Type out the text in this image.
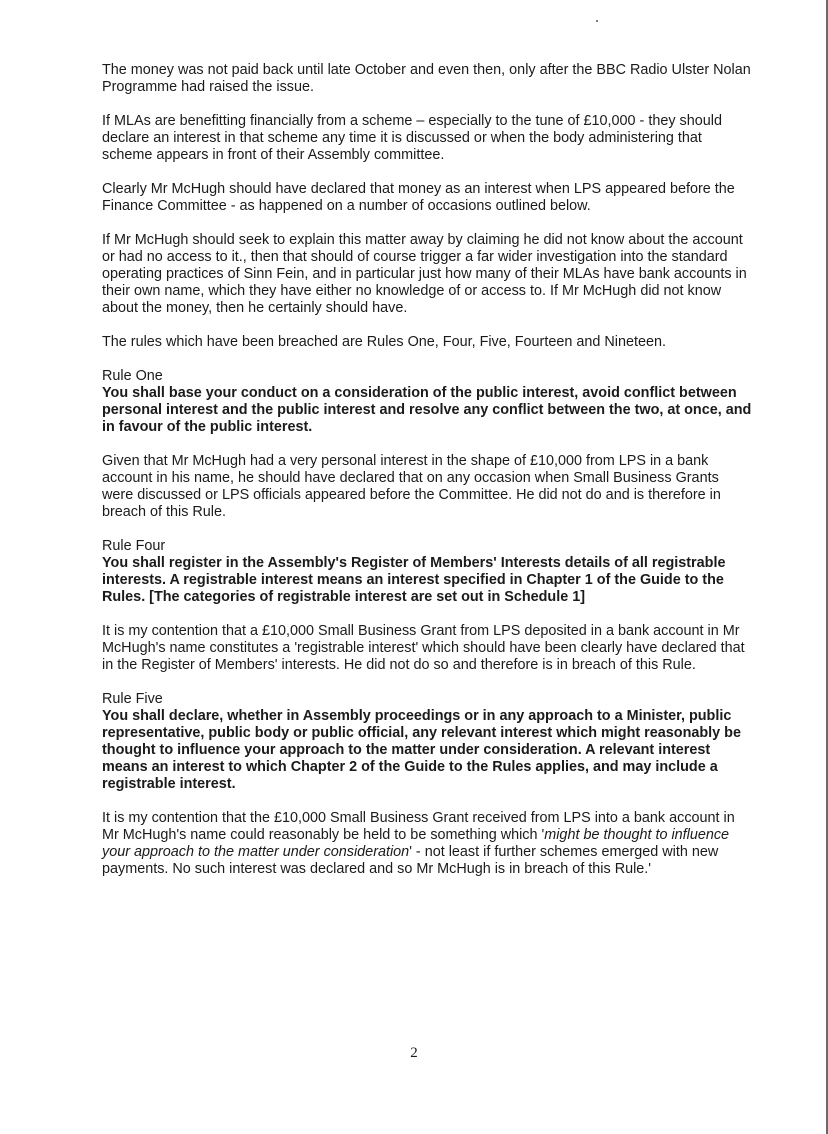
The money was not paid back until late October and even then, only after the BBC Radio Ulster Nolan Programme had raised the issue.

If MLAs are benefitting financially from a scheme – especially to the tune of £10,000 - they should declare an interest in that scheme any time it is discussed or when the body administering that scheme appears in front of their Assembly committee.

Clearly Mr McHugh should have declared that money as an interest when LPS appeared before the Finance Committee - as happened on a number of occasions outlined below.

If Mr McHugh should seek to explain this matter away by claiming he did not know about the account or had no access to it., then that should of course trigger a far wider investigation into the standard operating practices of Sinn Fein, and in particular just how many of their MLAs have bank accounts in their own name, which they have either no knowledge of or access to. If Mr McHugh did not know about the money, then he certainly should have.

The rules which have been breached are Rules One, Four, Five, Fourteen and Nineteen.

Rule One
You shall base your conduct on a consideration of the public interest, avoid conflict between personal interest and the public interest and resolve any conflict between the two, at once, and in favour of the public interest.

Given that Mr McHugh had a very personal interest in the shape of £10,000 from LPS in a bank account in his name, he should have declared that on any occasion when Small Business Grants were discussed or LPS officials appeared before the Committee. He did not do and is therefore in breach of this Rule.

Rule Four
You shall register in the Assembly's Register of Members' Interests details of all registrable interests. A registrable interest means an interest specified in Chapter 1 of the Guide to the Rules. [The categories of registrable interest are set out in Schedule 1]

It is my contention that a £10,000 Small Business Grant from LPS deposited in a bank account in Mr McHugh's name constitutes a 'registrable interest' which should have been clearly have declared that in the Register of Members' interests. He did not do so and therefore is in breach of this Rule.

Rule Five
You shall declare, whether in Assembly proceedings or in any approach to a Minister, public representative, public body or public official, any relevant interest which might reasonably be thought to influence your approach to the matter under consideration. A relevant interest means an interest to which Chapter 2 of the Guide to the Rules applies, and may include a registrable interest.

It is my contention that the £10,000 Small Business Grant received from LPS into a bank account in Mr McHugh's name could reasonably be held to be something which 'might be thought to influence your approach to the matter under consideration' - not least if further schemes emerged with new payments. No such interest was declared and so Mr McHugh is in breach of this Rule.'

2
